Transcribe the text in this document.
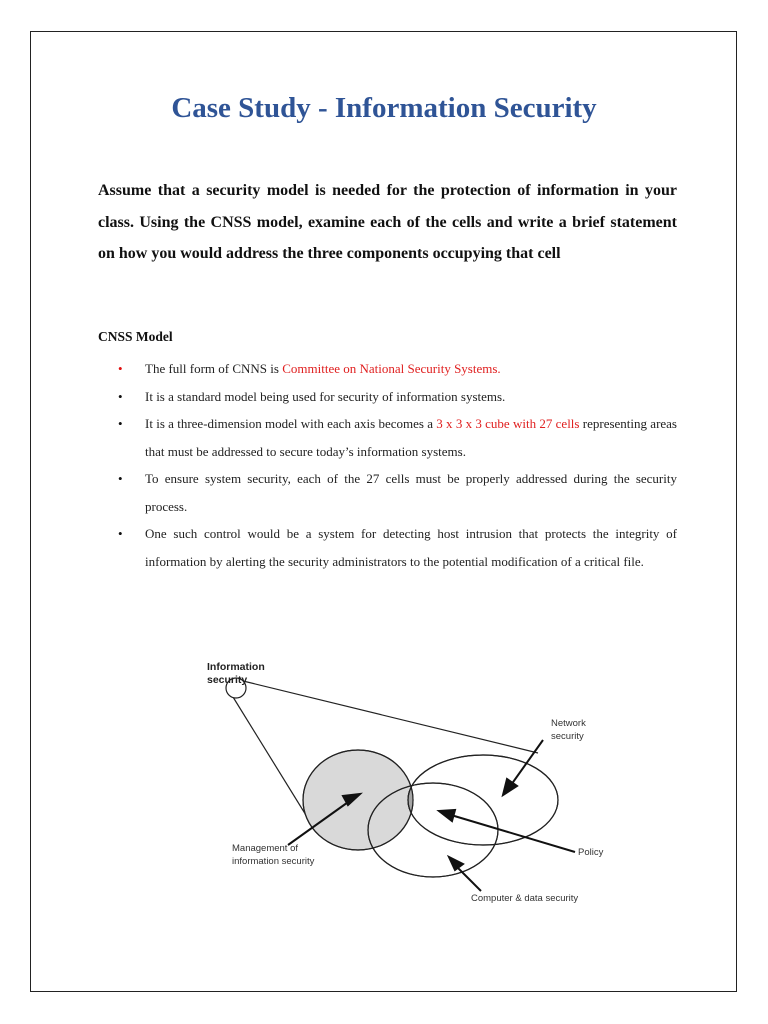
Case Study - Information Security

Assume that a security model is needed for the protection of information in your class. Using the CNSS model, examine each of the cells and write a brief statement on how you would address the three components occupying that cell

CNSS Model
• The full form of CNNS is Committee on National Security Systems.
• It is a standard model being used for security of information systems.
• It is a three-dimension model with each axis becomes a 3 x 3 x 3 cube with 27 cells representing areas that must be addressed to secure today’s information systems.
• To ensure system security, each of the 27 cells must be properly addressed during the security process.
• One such control would be a system for detecting host intrusion that protects the integrity of information by alerting the security administrators to the potential modification of a critical file.
Information
security
Network
security
Management of
information security
Policy
Computer & data security
